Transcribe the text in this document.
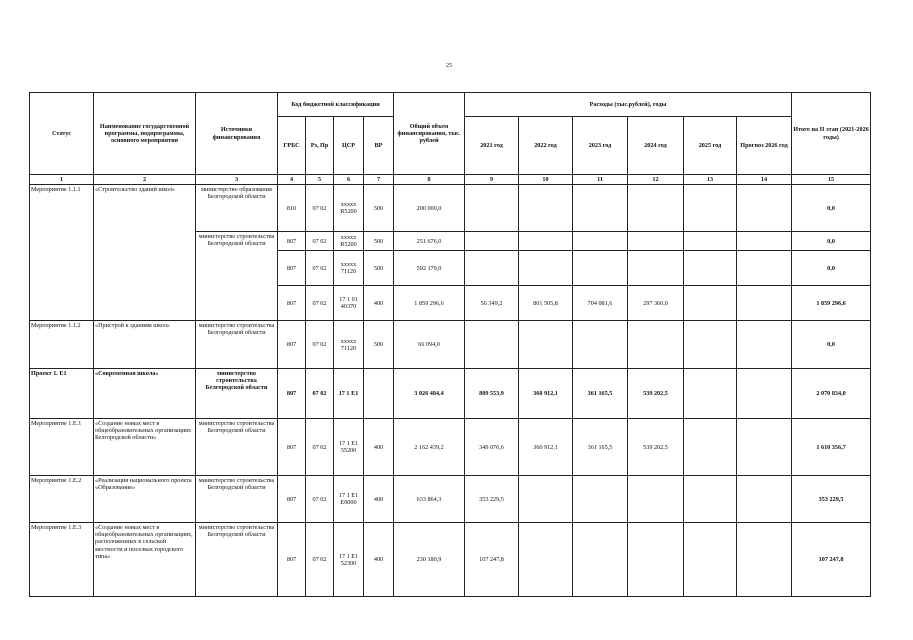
25
Статус	Наименование государственной программы, подпрограммы, основного мероприятия	Источники финансирования	Код бюджетной классификации				Общий объем финансирования, тыс. рублей	Расходы (тыс.рублей), годы						Итого на II этап (2021-2026 годы)
			ГРБС	Рз, Пр	ЦСР	ВР		2021 год	2022 год	2023 год	2024 год	2025 год	Прогноз 2026 год	
1	2	3	4	5	6	7	8	9	10	11	12	13	14	15
Мероприятие 1.1.1	«Строительство зданий школ»	министерство образования Белгородской области	810	07 02	ххххх R5200	500	200 000,0							0,0
		министерство строительства Белгородской области	807	07 02	ххххх R5200	500	251 676,0							0,0
			807	07 02	ххххх 71120	500	592 179,0							0,0
			807	07 02	17 1 01 40370	400	1 859 296,6	56 349,2	801 505,8	704 081,6	297 360,0			1 859 296,6
Мероприятие 1.1.2	«Пристрой к зданиям школ»	министерство строительства Белгородской области	807	07 02	ххххх 71120	500	66 094,0							0,0
Проект 1. Е1	«Современная школа»	министерство строительства Белгородской области	807	07 02	17 1 Е1		3 026 484,4	809 553,9	360 912,1	361 165,5	539 202,5			2 070 834,0
Мероприятие 1.Е.1	«Создание новых мест в общеобразовательных организациях Белгородской области»	министерство строительства Белгородской области	807	07 02	17 1 Е1 55200	400	2 162 439,2	349 076,6	360 912,1	361 165,5	539 202,5			1 610 356,7
Мероприятие 1.Е.2	«Реализация национального проекта «Образование»	министерство строительства Белгородской области	807	07 02	17 1 Е1 Е0000	400	633 864,3	353 229,5						353 229,5
Мероприятие 1.Е.3	«Создание новых мест в общеобразовательных организациях, расположенных в сельской местности и поселках городского типа»	министерство строительства Белгородской области	807	07 02	17 1 Е1 52300	400	230 180,9	107 247,8						107 247,8
